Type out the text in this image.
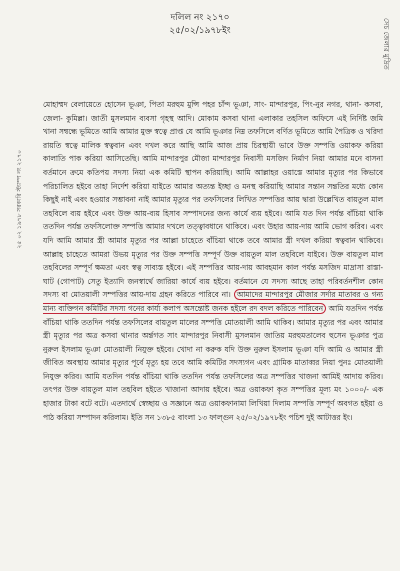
দলিল নং ২১৭০
২৫/০২/১৯৭৮ইং	সেচ জেলার মুদ্রিত
২৫ ০২ ১৯৭৮ সরকারি স্ট্যাম্প নং ২১৭০

মোহাম্মদ বেলায়েতে হোসেন ভূঞা, পিতা মরহুম মুন্সি পহর চাঁন্দ ভূঞা, সাং- মান্দারপুর, পিং-নুর নগর, থানা- কসবা, জেলা- কুমিল্লা। জাতী মুসলমান ব্যবসা গৃহস্থ আদি। মোকাম কসবা থানা এলাকার তহসিল অফিসে এই নির্দিষ্ট জমি খানা সম্বন্ধে ভূমিতে আমি আমার মুক্ত স্বত্বে প্রাপ্ত যে আমি ভূঞার নিম্ন তফসিলে বর্ণিত ভূমিতে আমি পৈত্রিক ও খরিদা রায়তি স্বত্বে মালিক স্বত্ববান এবং দখল করে আছি আমি আজ প্রায় চিরস্থায়ী ভাবে উক্ত সম্পত্তি ওয়াকফ করিয়া কালাতি পাক করিয়া আসিতেছি। আমি মান্দারপুর মৌজা মান্দারপুর নিবাসী মসজিদ নির্মাণ নিয়া আমার মনে বাসনা বর্তমানে ক্রমে কতিপয় সদস্য নিয়া এক কমিটি স্থাপন করিয়াছি। আমি আল্লাহর ওয়াস্তে আমার মৃত্যুর পর কিভাবে পরিচালিত হইবে তাহা নির্দেশ করিয়া যাইতে আমার অত্যন্ত ইচ্ছা ও মনস্থ করিয়াছি আমার সন্তান সন্ততির মধ্যে কোন কিছুই নাই এবং হওয়ার সম্ভাবনা নাই আমার মৃত্যুর পর তফসিলের লিখিত সম্পত্তির আয় দ্বারা উল্লেখিত বায়তুল মাল তহবিলে ব্যয় হইবে এবং উক্ত আয়-ব্যয় হিসাব সম্পাদনের জন্য কার্যে ব্যয় হইবে। আমি যত দিন পর্যন্ত বাঁচিয়া থাকি ততদিন পর্যন্ত তফসিলোক্ত সম্পত্তি আমার দখলে তত্ত্বাবধানে থাকিবে। এবং উহার আয়-দায় আমি ভোগ করিব। এবং যদি আমি আমার স্ত্রী আমার মৃত্যুর পর আল্লা চাহেতে বাঁচিয়া থাকে তবে আমার স্ত্রী দখল করিয়া স্বত্ববান থাকিবে। আল্লাহ চাহেতে আমরা উভয় মৃত্যুর পর উক্ত সম্পত্তি সম্পূর্ণ উক্ত বায়তুল মাল তহবিলে যাইবে। উক্ত বায়তুল মাল তহবিলের সম্পূর্ণ ক্ষমতা এবং স্বত্ব সাব্যস্ত হইবে। এই সম্পত্তির আয়-দায় আবহমান কাল পর্যন্ত মসজিদ মাদ্রাসা রাস্তা-ঘাট (গোপাট) সেতু ইত্যাদি জনস্বার্থে জারিয়া কার্যে ব্যয় হইবে। বর্তমানে যে সদস্য আছে তাহা পরিবর্তনশীল কোন সদস্য বা মোতয়ালী সম্পত্তির আয়-দায় গ্রহন করিতে পারিবে না। আমাদের মান্দারপুর মৌজার সর্দার মাতাবর ও গন্য মান্য ব্যক্তিগন কমিটির সদস্য গনের কার্য্য কলাপ অসন্তোষ্ট জনক হইলে রদ বদল করিতে পারিবেন আমি যতদিন পর্যন্ত বাঁচিয়া থাকি ততদিন পর্যন্ত তফসিলের বায়তুল মালের সম্পত্তি মোতয়ালী আমি থাকিব। আমার মৃত্যুর পর এবং আমার স্ত্রী মৃত্যুর পর অত্র কসবা থানার অর্ন্তগত সাং মান্দারপুর নিবাসী মুসলমান জাতিয় মরহুমতালেব হুসেন ভূঞার পুত্র নুরুল ইসলাম ভূঞা মোতয়ালী নিযুক্ত হইবে। খোদা না করুক যদি উক্ত নুরুল ইসলাম ভূঞা যদি আমি ও আমার স্ত্রী জীবিত অবস্থায় আমার মৃত্যুর পূর্বে মৃত্যু হয় তবে আমি কমিটির সদস্যগন এবং গ্রামিক মাতাব্বর নিয়া পুনঃ মোতয়ালী নিযুক্ত করিব। আমি যতদিন পর্যন্ত বাঁচিয়া থাকি ততদিন পর্যন্ত তফসিলের অত্র সম্পত্তির খাজনা আমিই আদায় করিব। তৎপর উক্ত বায়তুল মাল তহবিল হইতে খাজানা আদায় হইবে। অত্র ওয়াকফা কৃত সম্পত্তির মূল্য মং ১০০০/- এক হাজার টাকা বটে বটে। এতদার্থে স্বেচ্ছায় ও সজ্ঞানে অত্র ওয়াকফানামা লিখিয়া দিলাম সম্পত্তি সম্পূর্ণ অবগত হইয়া ও পাঠ করিয়া সম্পাদন করিলাম। ইতি সন ১৩৮৫ বাংলা ১৩ ফাল্গুন ২৫/০২/১৯৭৮ইং পচিশ দুই আটাত্তর ইং।
